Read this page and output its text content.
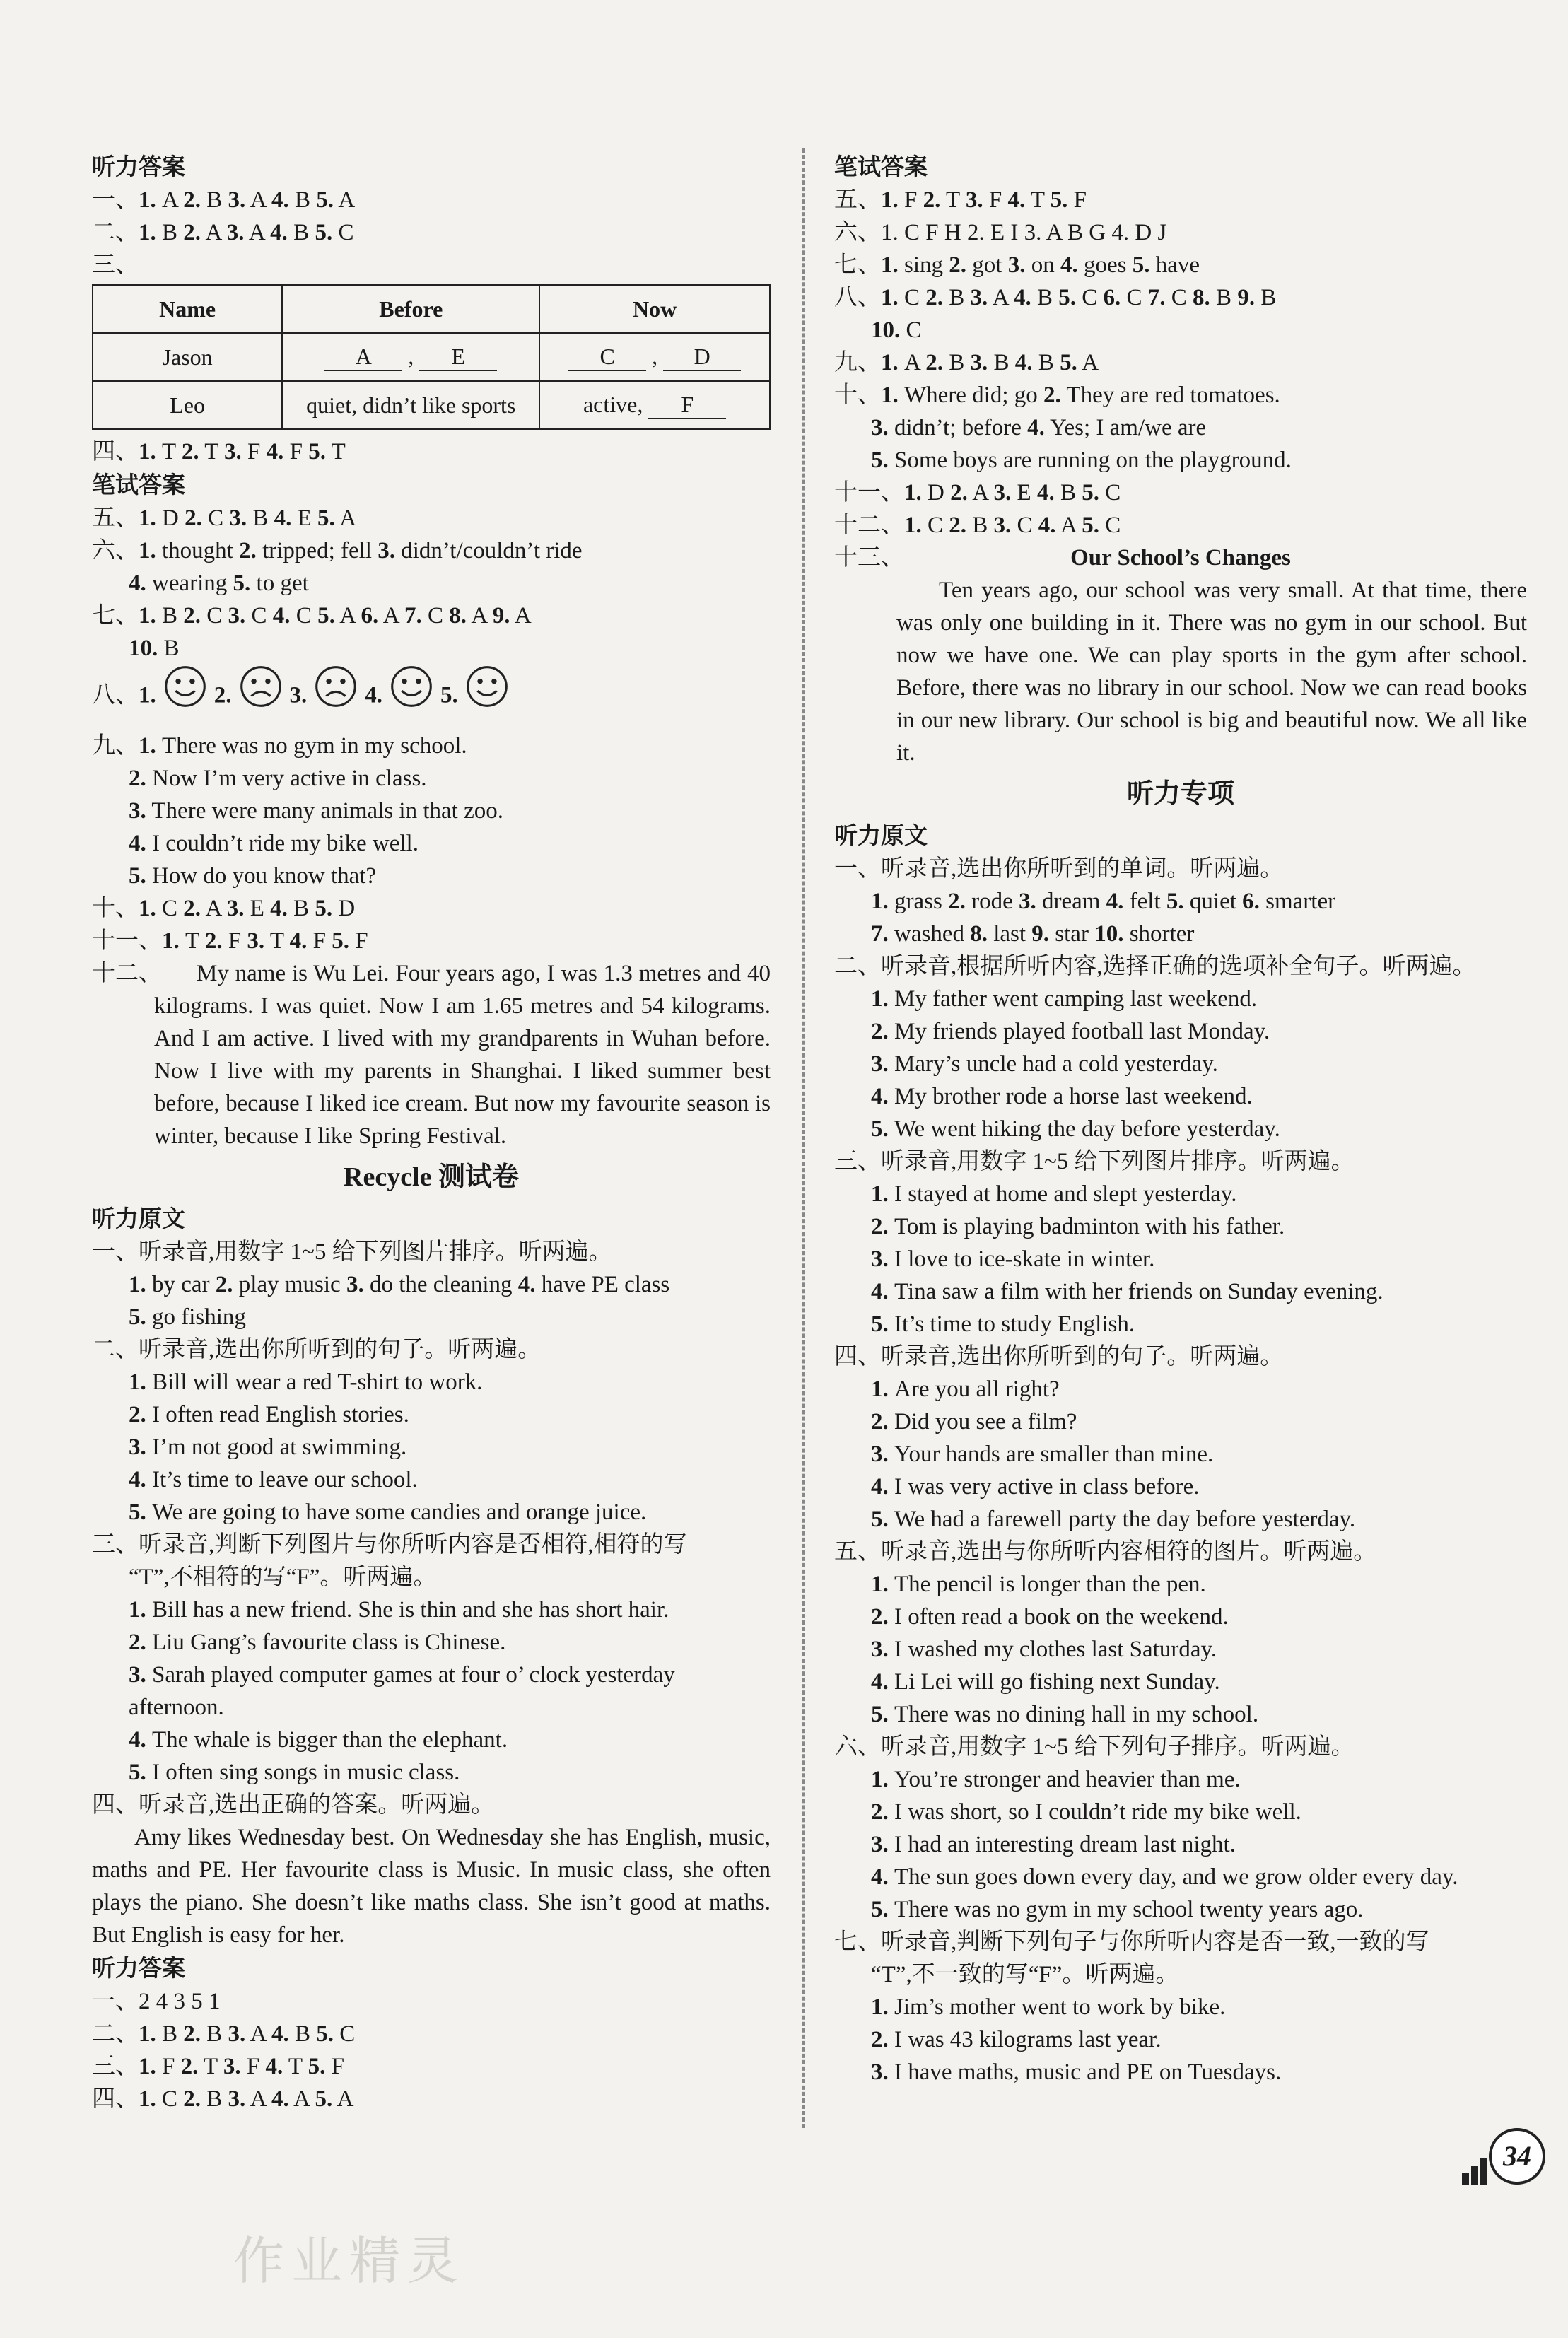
听力答案
一、1. A 2. B 3. A 4. B 5. A
二、1. B 2. A 3. A 4. B 5. C
三、
Name	Before	Now
Jason	A , E	C , D
Leo	quiet, didn’t like sports	active, F
四、1. T 2. T 3. F 4. F 5. T
笔试答案
五、1. D 2. C 3. B 4. E 5. A
六、1. thought 2. tripped; fell 3. didn’t/couldn’t ride
4. wearing 5. to get
七、1. B 2. C 3. C 4. C 5. A 6. A 7. C 8. A 9. A
10. B
八、1. 2. 3. 4. 5.
九、1. There was no gym in my school.
2. Now I’m very active in class.
3. There were many animals in that zoo.
4. I couldn’t ride my bike well.
5. How do you know that?
十、1. C 2. A 3. E 4. B 5. D
十一、1. T 2. F 3. T 4. F 5. F
十二、	My name is Wu Lei. Four years ago, I was 1.3 metres and 40 kilograms. I was quiet. Now I am 1.65 metres and 54 kilograms. And I am active. I lived with my grandparents in Wuhan before. Now I live with my parents in Shanghai. I liked summer best before, because I liked ice cream. But now my favourite season is winter, because I like Spring Festival.
Recycle 测试卷
听力原文
一、听录音,用数字 1~5 给下列图片排序。听两遍。
1. by car 2. play music 3. do the cleaning 4. have PE class
5. go fishing
二、听录音,选出你所听到的句子。听两遍。
1. Bill will wear a red T-shirt to work.
2. I often read English stories.
3. I’m not good at swimming.
4. It’s time to leave our school.
5. We are going to have some candies and orange juice.
三、听录音,判断下列图片与你所听内容是否相符,相符的写
“T”,不相符的写“F”。听两遍。
1. Bill has a new friend. She is thin and she has short hair.
2. Liu Gang’s favourite class is Chinese.
3. Sarah played computer games at four o’ clock yesterday afternoon.
4. The whale is bigger than the elephant.
5. I often sing songs in music class.
四、听录音,选出正确的答案。听两遍。
Amy likes Wednesday best. On Wednesday she has English, music, maths and PE. Her favourite class is Music. In music class, she often plays the piano. She doesn’t like maths class. She isn’t good at maths. But English is easy for her.
听力答案
一、2 4 3 5 1
二、1. B 2. B 3. A 4. B 5. C
三、1. F 2. T 3. F 4. T 5. F
四、1. C 2. B 3. A 4. A 5. A
笔试答案
五、1. F 2. T 3. F 4. T 5. F
六、1. C F H 2. E I 3. A B G 4. D J
七、1. sing 2. got 3. on 4. goes 5. have
八、1. C 2. B 3. A 4. B 5. C 6. C 7. C 8. B 9. B
10. C
九、1. A 2. B 3. B 4. B 5. A
十、1. Where did; go 2. They are red tomatoes.
3. didn’t; before 4. Yes; I am/we are
5. Some boys are running on the playground.
十一、1. D 2. A 3. E 4. B 5. C
十二、1. C 2. B 3. C 4. A 5. C
十三、	Our School’s Changes
Ten years ago, our school was very small. At that time, there was only one building in it. There was no gym in our school. But now we have one. We can play sports in the gym after school. Before, there was no library in our school. Now we can read books in our new library. Our school is big and beautiful now. We all like it.
听力专项
听力原文
一、听录音,选出你所听到的单词。听两遍。
1. grass 2. rode 3. dream 4. felt 5. quiet 6. smarter
7. washed 8. last 9. star 10. shorter
二、听录音,根据所听内容,选择正确的选项补全句子。听两遍。
1. My father went camping last weekend.
2. My friends played football last Monday.
3. Mary’s uncle had a cold yesterday.
4. My brother rode a horse last weekend.
5. We went hiking the day before yesterday.
三、听录音,用数字 1~5 给下列图片排序。听两遍。
1. I stayed at home and slept yesterday.
2. Tom is playing badminton with his father.
3. I love to ice-skate in winter.
4. Tina saw a film with her friends on Sunday evening.
5. It’s time to study English.
四、听录音,选出你所听到的句子。听两遍。
1. Are you all right?
2. Did you see a film?
3. Your hands are smaller than mine.
4. I was very active in class before.
5. We had a farewell party the day before yesterday.
五、听录音,选出与你所听内容相符的图片。听两遍。
1. The pencil is longer than the pen.
2. I often read a book on the weekend.
3. I washed my clothes last Saturday.
4. Li Lei will go fishing next Sunday.
5. There was no dining hall in my school.
六、听录音,用数字 1~5 给下列句子排序。听两遍。
1. You’re stronger and heavier than me.
2. I was short, so I couldn’t ride my bike well.
3. I had an interesting dream last night.
4. The sun goes down every day, and we grow older every day.
5. There was no gym in my school twenty years ago.
七、听录音,判断下列句子与你所听内容是否一致,一致的写
“T”,不一致的写“F”。听两遍。
1. Jim’s mother went to work by bike.
2. I was 43 kilograms last year.
3. I have maths, music and PE on Tuesdays.
34
作业精灵
